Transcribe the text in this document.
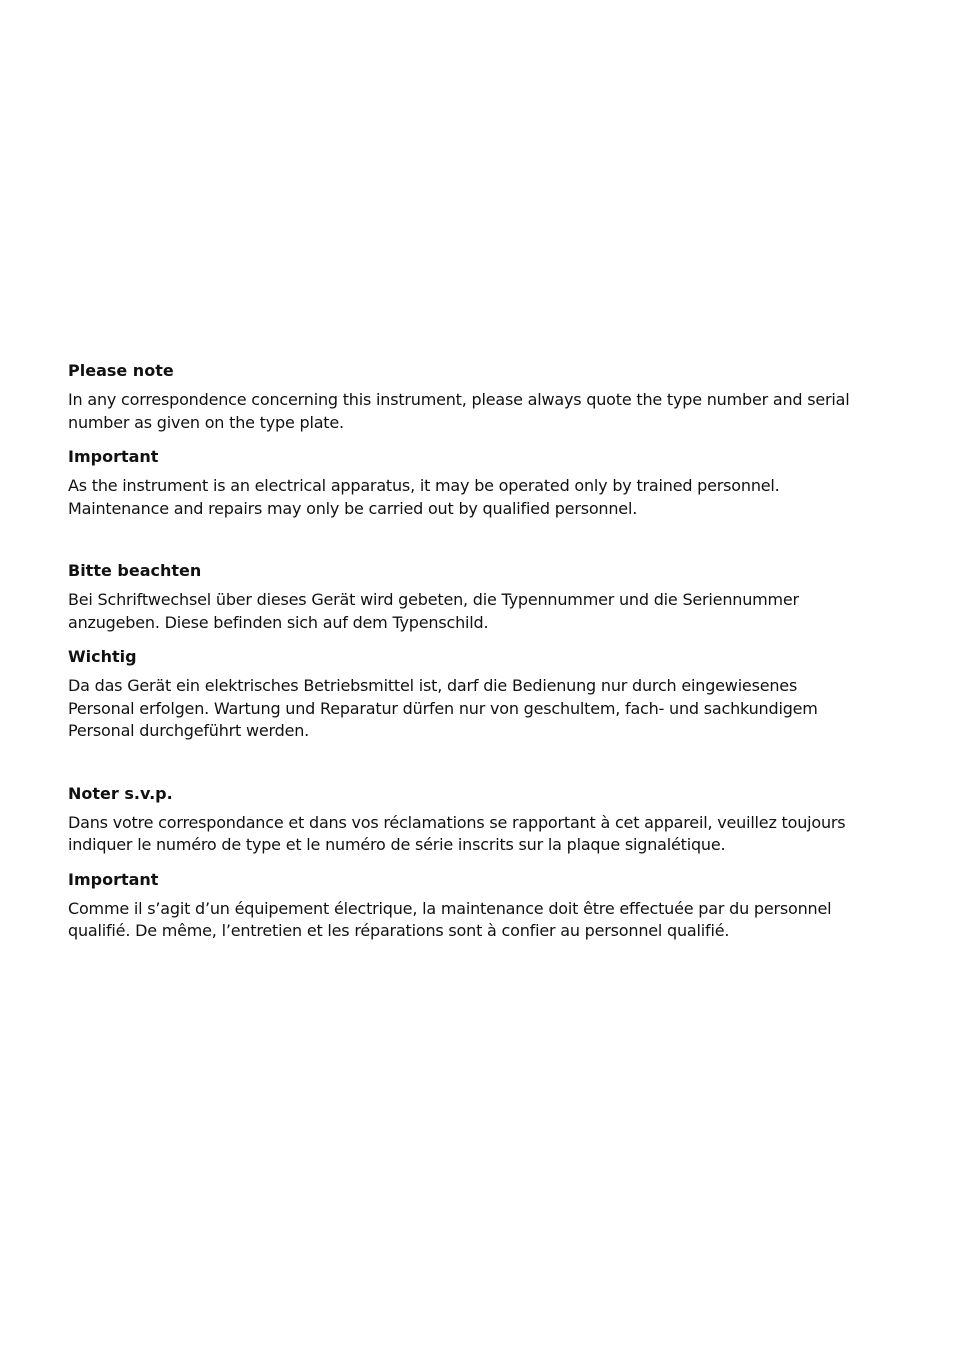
Please note

In any correspondence concerning this instrument, please always quote the type number and serial
number as given on the type plate.

Important

As the instrument is an electrical apparatus, it may be operated only by trained personnel.
Maintenance and repairs may only be carried out by qualified personnel.

Bitte beachten

Bei Schriftwechsel über dieses Gerät wird gebeten, die Typennummer und die Seriennummer
anzugeben. Diese befinden sich auf dem Typenschild.

Wichtig

Da das Gerät ein elektrisches Betriebsmittel ist, darf die Bedienung nur durch eingewiesenes
Personal erfolgen. Wartung und Reparatur dürfen nur von geschultem, fach- und sachkundigem
Personal durchgeführt werden.

Noter s.v.p.

Dans votre correspondance et dans vos réclamations se rapportant à cet appareil, veuillez toujours
indiquer le numéro de type et le numéro de série inscrits sur la plaque signalétique.

Important

Comme il s’agit d’un équipement électrique, la maintenance doit être effectuée par du personnel
qualifié. De même, l’entretien et les réparations sont à confier au personnel qualifié.
